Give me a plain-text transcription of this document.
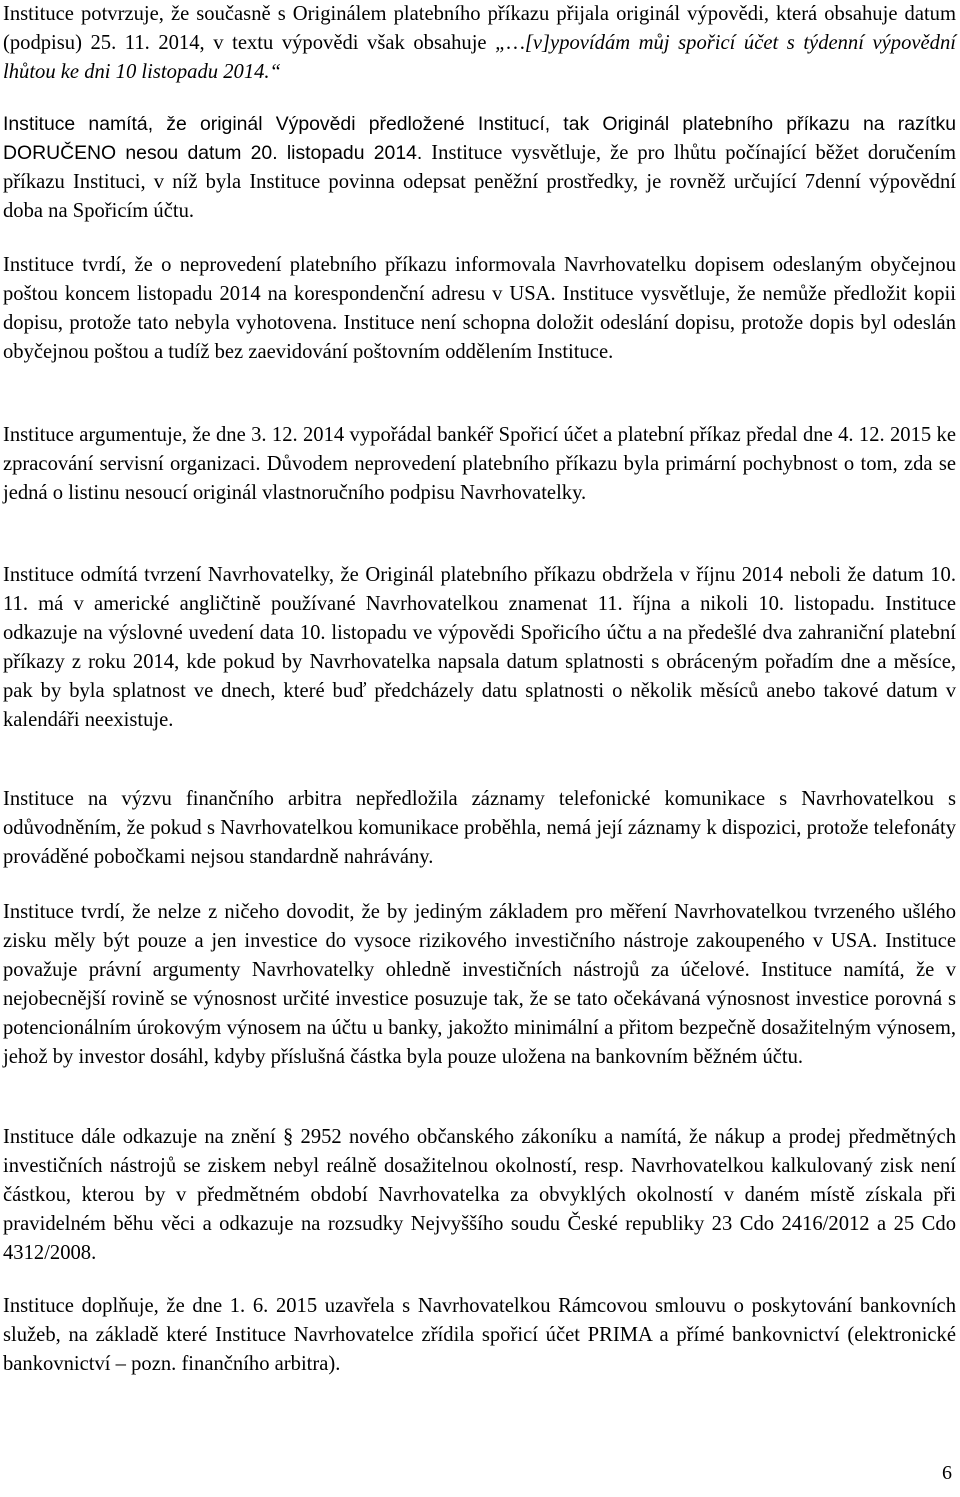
Instituce potvrzuje, že současně s Originálem platebního příkazu přijala originál výpovědi, která obsahuje datum (podpisu) 25. 11. 2014, v textu výpovědi však obsahuje „…[v]ypovídám můj spořicí účet s týdenní výpovědní lhůtou ke dni 10 listopadu 2014.“

Instituce namítá, že originál Výpovědi předložené Institucí, tak Originál platebního příkazu na razítku DORUČENO nesou datum 20. listopadu 2014. Instituce vysvětluje, že pro lhůtu počínající běžet doručením příkazu Instituci, v níž byla Instituce povinna odepsat peněžní prostředky, je rovněž určující 7denní výpovědní doba na Spořicím účtu.

Instituce tvrdí, že o neprovedení platebního příkazu informovala Navrhovatelku dopisem odeslaným obyčejnou poštou koncem listopadu 2014 na korespondenční adresu v USA. Instituce vysvětluje, že nemůže předložit kopii dopisu, protože tato nebyla vyhotovena. Instituce není schopna doložit odeslání dopisu, protože dopis byl odeslán obyčejnou poštou a tudíž bez zaevidování poštovním oddělením Instituce.

Instituce argumentuje, že dne 3. 12. 2014 vypořádal bankéř Spořicí účet a platební příkaz předal dne 4. 12. 2015 ke zpracování servisní organizaci. Důvodem neprovedení platebního příkazu byla primární pochybnost o tom, zda se jedná o listinu nesoucí originál vlastnoručního podpisu Navrhovatelky.

Instituce odmítá tvrzení Navrhovatelky, že Originál platebního příkazu obdržela v říjnu 2014 neboli že datum 10. 11. má v americké angličtině používané Navrhovatelkou znamenat 11. října a nikoli 10. listopadu. Instituce odkazuje na výslovné uvedení data 10. listopadu ve výpovědi Spořicího účtu a na předešlé dva zahraniční platební příkazy z roku 2014, kde pokud by Navrhovatelka napsala datum splatnosti s obráceným pořadím dne a měsíce, pak by byla splatnost ve dnech, které buď předcházely datu splatnosti o několik měsíců anebo takové datum v kalendáři neexistuje.

Instituce na výzvu finančního arbitra nepředložila záznamy telefonické komunikace s Navrhovatelkou s odůvodněním, že pokud s Navrhovatelkou komunikace proběhla, nemá její záznamy k dispozici, protože telefonáty prováděné pobočkami nejsou standardně nahrávány.

Instituce tvrdí, že nelze z ničeho dovodit, že by jediným základem pro měření Navrhovatelkou tvrzeného ušlého zisku měly být pouze a jen investice do vysoce rizikového investičního nástroje zakoupeného v USA. Instituce považuje právní argumenty Navrhovatelky ohledně investičních nástrojů za účelové. Instituce namítá, že v nejobecnější rovině se výnosnost určité investice posuzuje tak, že se tato očekávaná výnosnost investice porovná s potencionálním úrokovým výnosem na účtu u banky, jakožto minimální a přitom bezpečně dosažitelným výnosem, jehož by investor dosáhl, kdyby příslušná částka byla pouze uložena na bankovním běžném účtu.

Instituce dále odkazuje na znění § 2952 nového občanského zákoníku a namítá, že nákup a prodej předmětných investičních nástrojů se ziskem nebyl reálně dosažitelnou okolností, resp. Navrhovatelkou kalkulovaný zisk není částkou, kterou by v předmětném období Navrhovatelka za obvyklých okolností v daném místě získala při pravidelném běhu věci a odkazuje na rozsudky Nejvyššího soudu České republiky 23 Cdo 2416/2012 a 25 Cdo 4312/2008.

Instituce doplňuje, že dne 1. 6. 2015 uzavřela s Navrhovatelkou Rámcovou smlouvu o poskytování bankovních služeb, na základě které Instituce Navrhovatelce zřídila spořicí účet PRIMA a přímé bankovnictví (elektronické bankovnictví – pozn. finančního arbitra).

6
